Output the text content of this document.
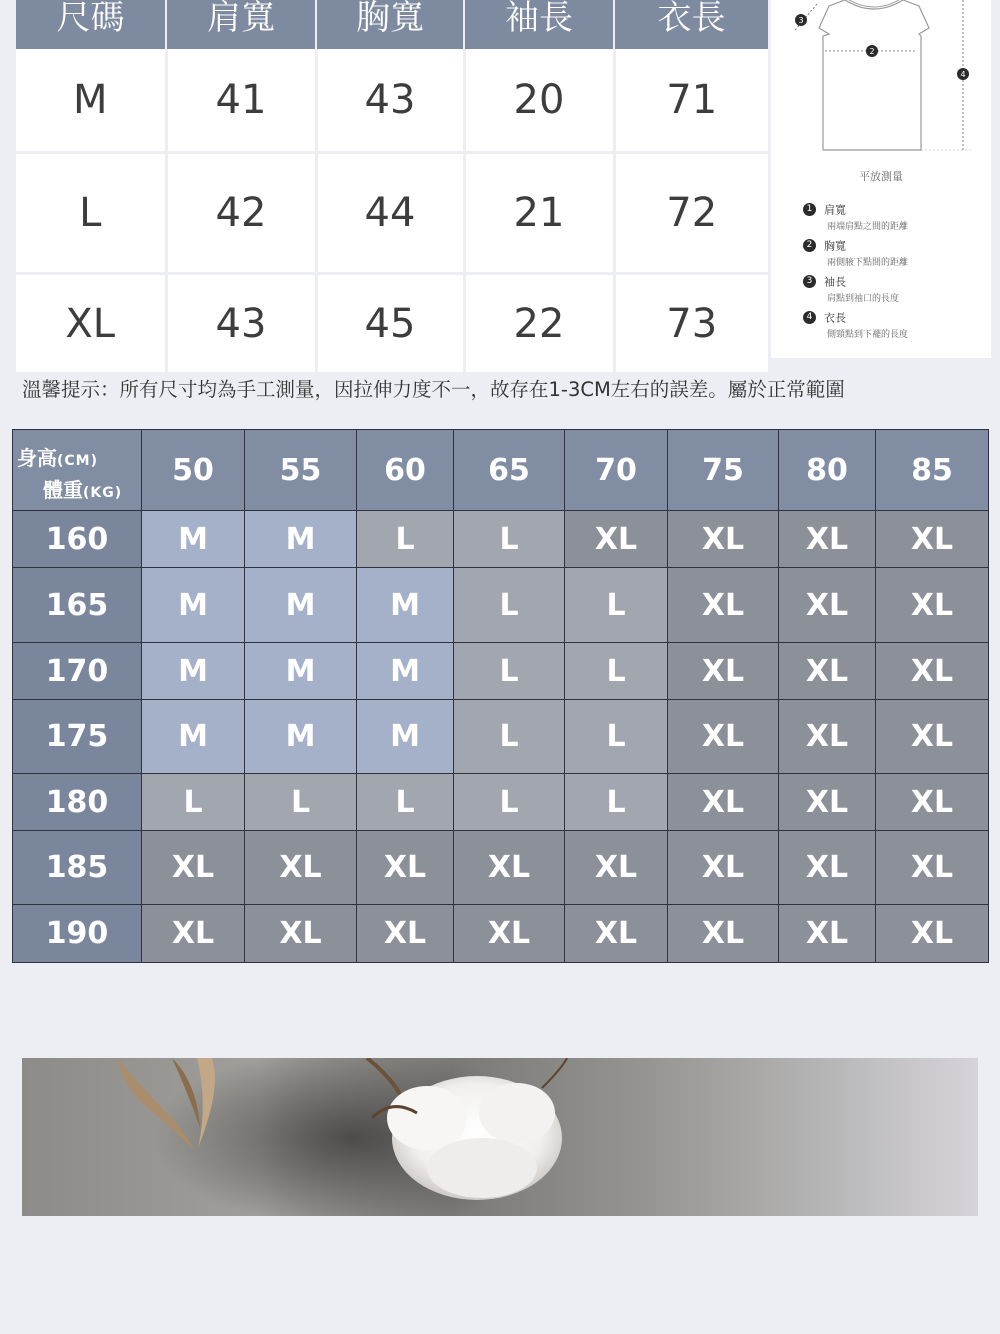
尺碼	肩寬	胸寬	袖長	衣長
M	41	43	20	71
L	42	44	21	72
XL	43	45	22	73
3
2
4
平放測量
1 肩寬
兩端肩點之間的距離
2 胸寬
兩側腋下點間的距離
3 袖長
肩點到袖口的長度
4 衣長
側頸點到下襬的長度
溫馨提示：所有尺寸均為手工測量，因拉伸力度不一，故存在1-3CM左右的誤差。屬於正常範圍
身高(CM)
體重(KG)	50	55	60	65	70	75	80	85
160	M	M	L	L	XL	XL	XL	XL
165	M	M	M	L	L	XL	XL	XL
170	M	M	M	L	L	XL	XL	XL
175	M	M	M	L	L	XL	XL	XL
180	L	L	L	L	L	XL	XL	XL
185	XL	XL	XL	XL	XL	XL	XL	XL
190	XL	XL	XL	XL	XL	XL	XL	XL
